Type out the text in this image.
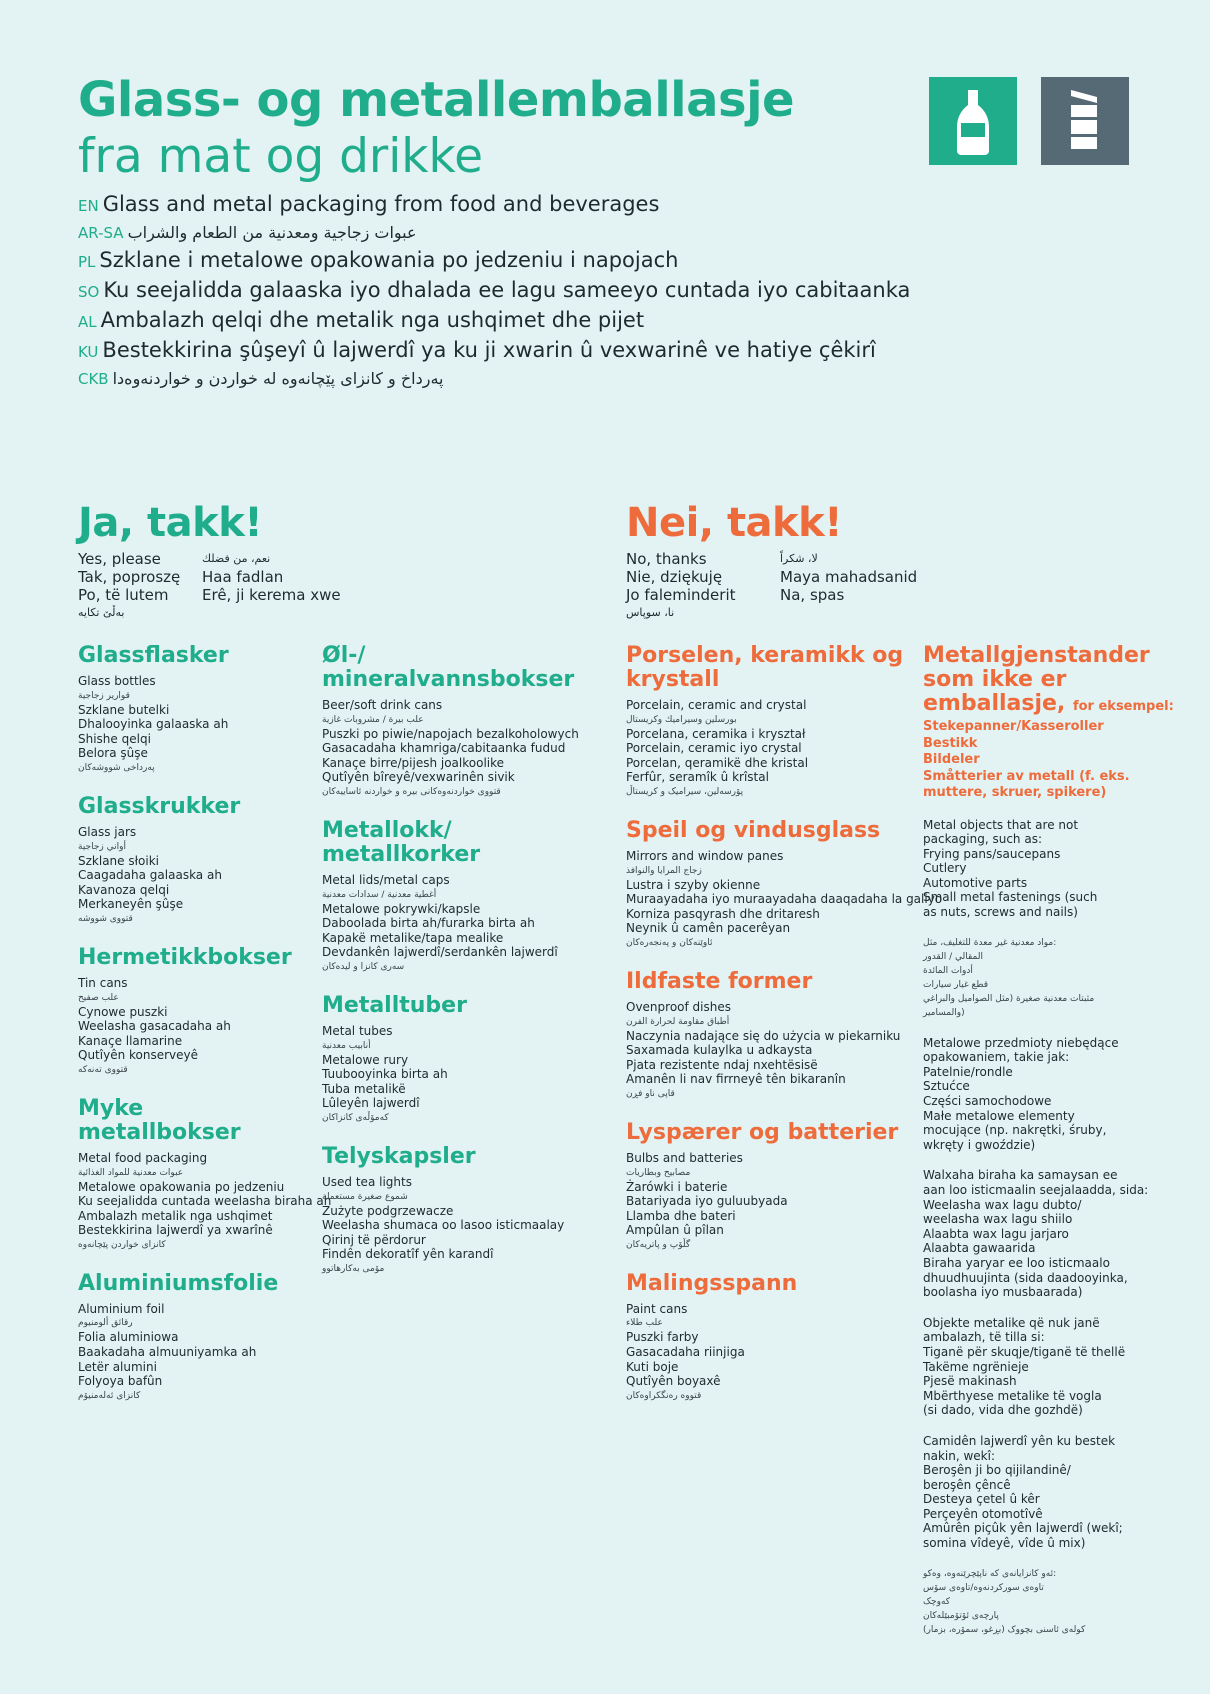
Glass- og metallemballasje
fra mat og drikke
EN Glass and metal packaging from food and beverages
AR-SA عبوات زجاجية ومعدنية من الطعام والشراب
PL Szklane i metalowe opakowania po jedzeniu i napojach
SO Ku seejalidda galaaska iyo dhalada ee lagu sameeyo cuntada iyo cabitaanka
AL Ambalazh qelqi dhe metalik nga ushqimet dhe pijet
KU Bestekkirina şûşeyî û lajwerdî ya ku ji xwarin û vexwarinê ve hatiye çêkirî
CKB پەرداخ و کانزای پێچانەوە لە خواردن و خواردنەوەدا
Ja, takk!
Yes, please	نعم، من فضلك
Tak, poproszę	Haa fadlan
Po, të lutem	Erê, ji kerema xwe
بەڵێ تکایە
Nei, takk!
No, thanks	لا، شكراً
Nie, dziękuję	Maya mahadsanid
Jo faleminderit	Na, spas
نا، سوپاس
Glassflasker
Glass bottles
قوارير زجاجية
Szklane butelki
Dhalooyinka galaaska ah
Shishe qelqi
Belora şûşe
پەرداخی شووشەکان
Glasskrukker
Glass jars
أواني زجاجية
Szklane słoiki
Caagadaha galaaska ah
Kavanoza qelqi
Merkaneyên şûşe
قتووی شووشە
Hermetikkbokser
Tin cans
علب صفيح
Cynowe puszki
Weelasha gasacadaha ah
Kanaçe llamarine
Qutîyên konserveyê
قتووی تەنەکە
Myke metallbokser
Metal food packaging
عبوات معدنية للمواد الغذائية
Metalowe opakowania po jedzeniu
Ku seejalidda cuntada weelasha biraha ah
Ambalazh metalik nga ushqimet
Bestekkirina lajwerdî ya xwarînê
کانزای خواردن پێچانەوە
Aluminiumsfolie
Aluminium foil
رقائق ألومنيوم
Folia aluminiowa
Baakadaha almuuniyamka ah
Letër alumini
Folyoya bafûn
کانزای ئەلەمنیۆم
Øl-/ mineralvannsbokser
Beer/soft drink cans
علب بيرة / مشروبات غازية
Puszki po piwie/napojach bezalkoholowych
Gasacadaha khamriga/cabitaanka fudud
Kanaçe birre/pijesh joalkoolike
Qutîyên bîreyê/vexwarinên sivik
قتووی خواردنەوەکانی بیرە و خواردنە ئاساییەکان
Metallokk/ metallkorker
Metal lids/metal caps
أغطية معدنية / سدادات معدنية
Metalowe pokrywki/kapsle
Daboolada birta ah/furarka birta ah
Kapakë metalike/tapa mealike
Devdankên lajwerdî/serdankên lajwerdî
سەری کانزا و لیدەکان
Metalltuber
Metal tubes
أنابيب معدنية
Metalowe rury
Tuubooyinka birta ah
Tuba metalikë
Lûleyên lajwerdî
کەمۆڵەی کانزاکان
Telyskapsler
Used tea lights
شموع صغيرة مستعملة
Zużyte podgrzewacze
Weelasha shumaca oo lasoo isticmaalay
Qirinj të përdorur
Findên dekoratîf yên karandî
مۆمی بەکارهاتوو
Porselen, keramikk og krystall
Porcelain, ceramic and crystal
بورسلين وسيراميك وكريستال
Porcelana, ceramika i kryształ
Porcelain, ceramic iyo crystal
Porcelan, qeramikë dhe kristal
Ferfûr, seramîk û krîstal
پۆرسەلین، سیرامیک و کریستاڵ
Speil og vindusglass
Mirrors and window panes
زجاج المرايا والنوافذ
Lustra i szyby okienne
Muraayadaha iyo muraayadaha daaqadaha la galiyo
Korniza pasqyrash dhe dritaresh
Neynik û camên pacerêyan
ئاوێنەکان و پەنجەرەکان
Ildfaste former
Ovenproof dishes
أطباق مقاومة لحرارة الفرن
Naczynia nadające się do użycia w piekarniku
Saxamada kulaylka u adkaysta
Pjata rezistente ndaj nxehtësisë
Amanên li nav firrneyê tên bikaranîn
قاپی ناو فڕن
Lyspærer og batterier
Bulbs and batteries
مصابيح وبطاريات
Żarówki i baterie
Batariyada iyo guluubyada
Llamba dhe bateri
Ampûlan û pîlan
گڵۆپ و پاتریەکان
Malingsspann
Paint cans
علب طلاء
Puszki farby
Gasacadaha riinjiga
Kuti boje
Qutîyên boyaxê
قتووە رەنگکراوەکان
Metallgjenstander som ikke er emballasje, for eksempel:
Stekepanner/Kasseroller
Bestikk
Bildeler
Småtterier av metall (f. eks. muttere, skruer, spikere)
Metal objects that are not
packaging, such as:
Frying pans/saucepans
Cutlery
Automotive parts
Small metal fastenings (such
as nuts, screws and nails)
مواد معدنية غير معدة للتغليف، مثل:
المقالي / القدور
أدوات المائدة
قطع غيار سيارات
مثبتات معدنية صغيرة (مثل الصواميل والبراغي
والمسامير)
Metalowe przedmioty niebędące
opakowaniem, takie jak:
Patelnie/rondle
Sztućce
Części samochodowe
Małe metalowe elementy
mocujące (np. nakrętki, śruby,
wkręty i gwoździe)
Walxaha biraha ka samaysan ee
aan loo isticmaalin seejalaadda, sida:
Weelasha wax lagu dubto/
weelasha wax lagu shiilo
Alaabta wax lagu jarjaro
Alaabta gawaarida
Biraha yaryar ee loo isticmaalo
dhuudhuujinta (sida daadooyinka,
boolasha iyo musbaarada)
Objekte metalike që nuk janë
ambalazh, të tilla si:
Tiganë për skuqje/tiganë të thellë
Takëme ngrënieje
Pjesë makinash
Mbërthyese metalike të vogla
(si dado, vida dhe gozhdë)
Camidên lajwerdî yên ku bestek
nakin, wekî:
Beroşên ji bo qijilandinê/
beroşên çêncê
Desteya çetel û kêr
Perçeyên otomotîvê
Amûrên piçûk yên lajwerdî (wekî;
somina vîdeyê, vîde û mix)
ئەو کانزایانەی کە ناپێچرێنەوە، وەکو:
تاوەی سورکردنەوە/تاوەی سۆس
کەوچک
پارچەی ئۆتۆمبێلەکان
کولەی ئاسنی بچووک (بڕغو، سمۆرە، بزمار)
